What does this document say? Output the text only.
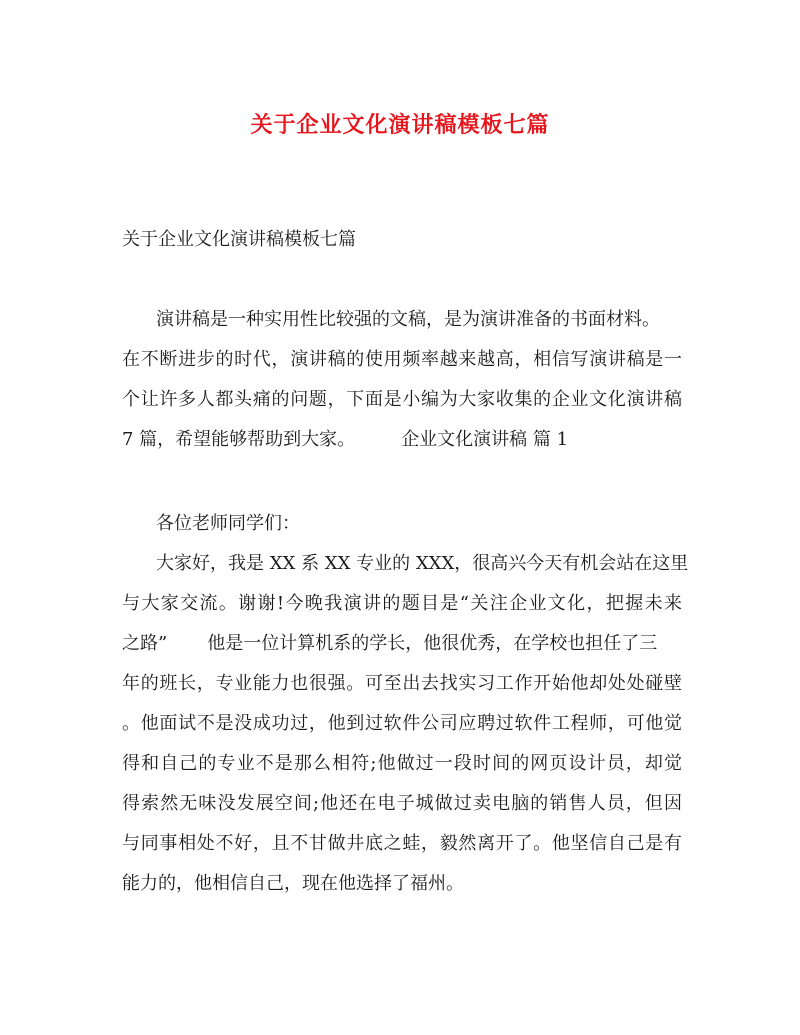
关于企业文化演讲稿模板七篇
关于企业文化演讲稿模板七篇
演讲稿是一种实用性比较强的文稿，是为演讲准备的书面材料。
在不断进步的时代，演讲稿的使用频率越来越高，相信写演讲稿是一
个让许多人都头痛的问题，下面是小编为大家收集的企业文化演讲稿
7 篇，希望能够帮助到大家。	企业文化演讲稿 篇 1
各位老师同学们：
大家好，我是 XX 系 XX 专业的 XXX，很高兴今天有机会站在这里
与大家交流。谢谢!今晚我演讲的题目是“关注企业文化，把握未来
之路” 他是一位计算机系的学长，他很优秀，在学校也担任了三
年的班长，专业能力也很强。可至出去找实习工作开始他却处处碰壁
。他面试不是没成功过，他到过软件公司应聘过软件工程师，可他觉
得和自己的专业不是那么相符;他做过一段时间的网页设计员，却觉
得索然无味没发展空间;他还在电子城做过卖电脑的销售人员，但因
与同事相处不好，且不甘做井底之蛙，毅然离开了。他坚信自己是有
能力的，他相信自己，现在他选择了福州。
